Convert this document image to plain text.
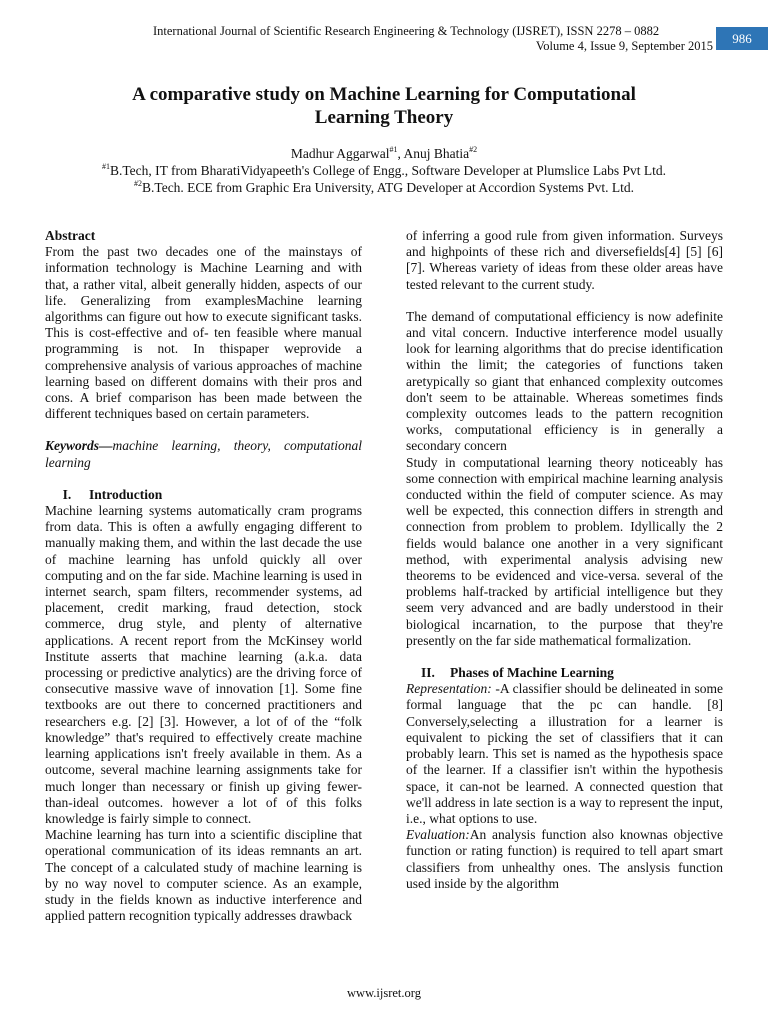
International Journal of Scientific Research Engineering & Technology (IJSRET), ISSN 2278 – 0882
Volume 4, Issue 9, September 2015	986
A comparative study on Machine Learning for Computational
Learning Theory
Madhur Aggarwal$^{\#1}$, Anuj Bhatia$^{\#2}$
$^{\#1}$B.Tech, IT from BharatiVidyapeeth's College of Engg., Software Developer at Plumslice Labs Pvt Ltd.
$^{\#2}$B.Tech. ECE from Graphic Era University, ATG Developer at Accordion Systems Pvt. Ltd.

Abstract

From the past two decades one of the mainstays of information technology is Machine Learning and with that, a rather vital, albeit generally hidden, aspects of our life. Generalizing from examplesMachine learning algorithms can figure out how to execute significant tasks. This is cost-effective and of- ten feasible where manual programming is not. In thispaper weprovide a comprehensive analysis of various approaches of machine learning based on different domains with their pros and cons. A brief comparison has been made between the different techniques based on certain parameters.

Keywords—machine learning, theory, computational learning

I. Introduction

Machine learning systems automatically cram programs from data. This is often a awfully engaging different to manually making them, and within the last decade the use of machine learning has unfold quickly all over computing and on the far side. Machine learning is used in internet search, spam filters, recommender systems, ad placement, credit marking, fraud detection, stock commerce, drug style, and plenty of alternative applications. A recent report from the McKinsey world Institute asserts that machine learning (a.k.a. data processing or predictive analytics) are the driving force of consecutive massive wave of innovation [1]. Some fine textbooks are out there to concerned practitioners and researchers e.g. [2] [3]. However, a lot of of the “folk knowledge” that's required to effectively create machine learning applications isn't freely available in them. As a outcome, several machine learning assignments take for much longer than necessary or finish up giving fewer- than-ideal outcomes. however a lot of of this folks knowledge is fairly simple to connect.

Machine learning has turn into a scientific discipline that operational communication of its ideas remnants an art. The concept of a calculated study of machine learning is by no way novel to computer science. As an example, study in the fields known as inductive interference and applied pattern recognition typically addresses drawback

of inferring a good rule from given information. Surveys and highpoints of these rich and diversefields[4] [5] [6] [7]. Whereas variety of ideas from these older areas have tested relevant to the current study.

The demand of computational efficiency is now adefinite and vital concern. Inductive interference model usually look for learning algorithms that do precise identification within the limit; the categories of functions taken aretypically so giant that enhanced complexity outcomes don't seem to be attainable. Whereas sometimes finds complexity outcomes leads to the pattern recognition works, computational efficiency is in generally a secondary concern

Study in computational learning theory noticeably has some connection with empirical machine learning analysis conducted within the field of computer science. As may well be expected, this connection differs in strength and connection from problem to problem. Idyllically the 2 fields would balance one another in a very significant method, with experimental analysis advising new theorems to be evidenced and vice-versa. several of the problems half-tracked by artificial intelligence but they seem very advanced and are badly understood in their biological incarnation, to the purpose that they're presently on the far side mathematical formalization.

II. Phases of Machine Learning

Representation: -A classifier should be delineated in some formal language that the pc can handle. [8] Conversely,selecting a illustration for a learner is equivalent to picking the set of classifiers that it can probably learn. This set is named as the hypothesis space of the learner. If a classifier isn't within the hypothesis space, it can-not be learned. A connected question that we'll address in late section is a way to represent the input, i.e., what options to use.

Evaluation:An analysis function also knownas objective function or rating function) is required to tell apart smart classifiers from unhealthy ones. The anslysis function used inside by the algorithm

www.ijsret.org
